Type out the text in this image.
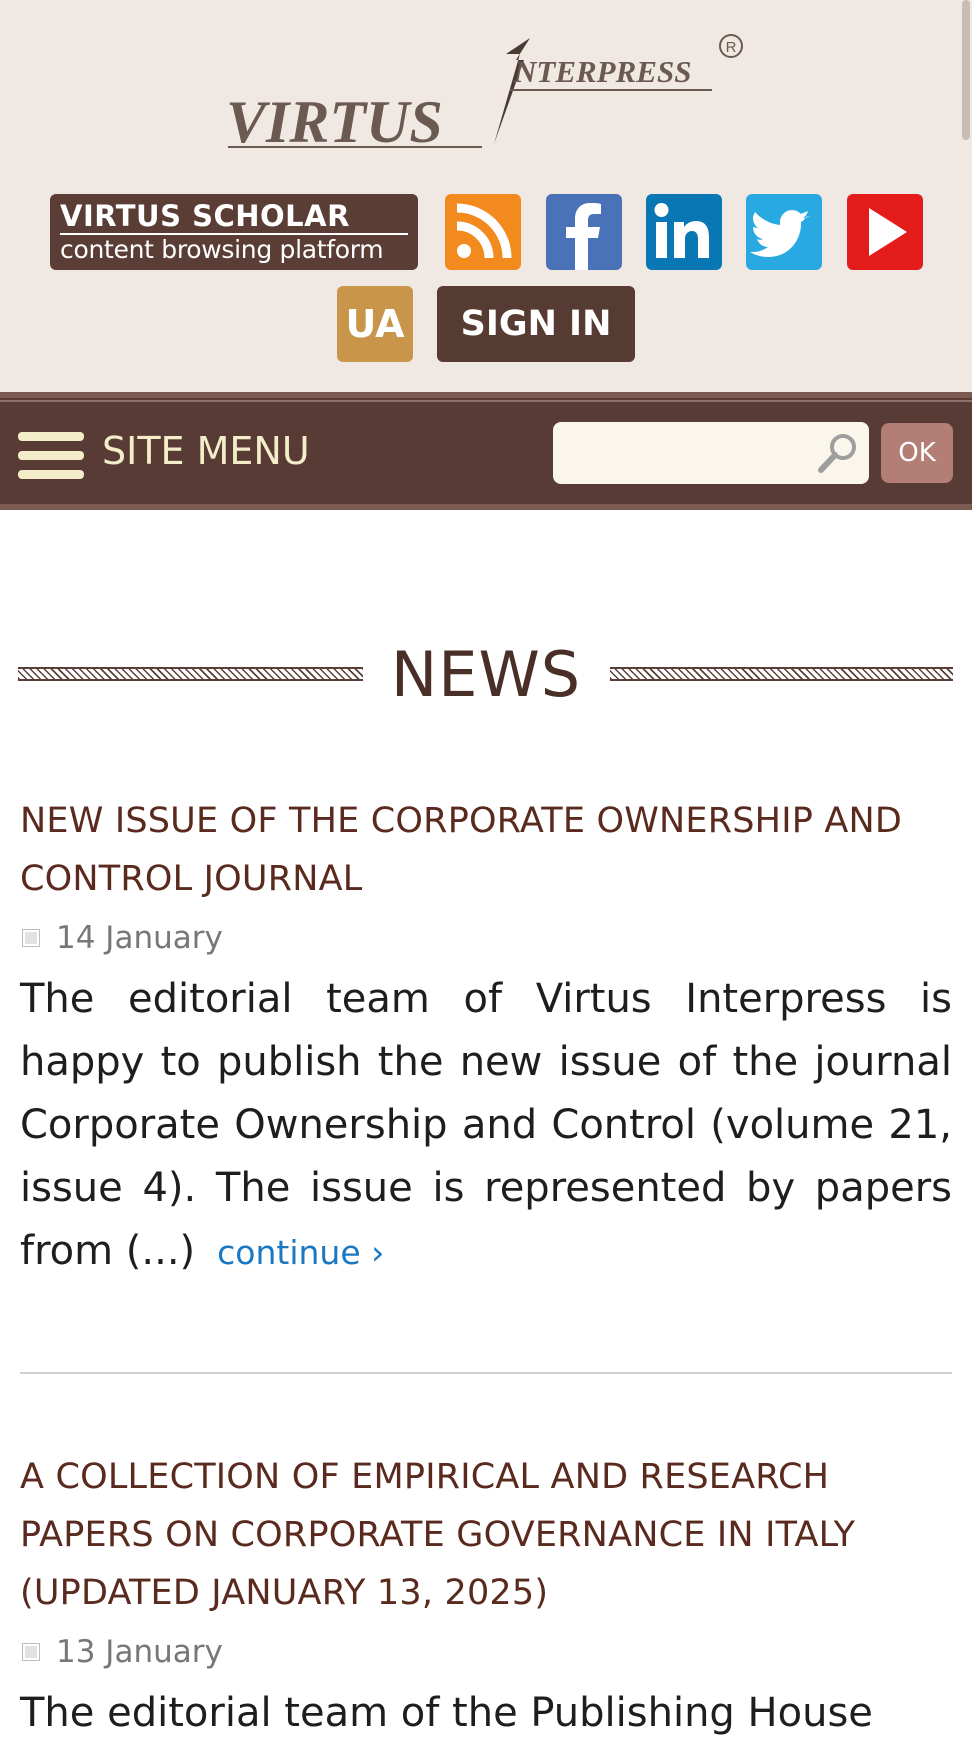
VIRTUS
NTERPRESS
R
VIRTUS SCHOLAR
content browsing platform
UA	SIGN IN
SITE MENU	OK
NEWS
NEW ISSUE OF THE CORPORATE OWNERSHIP AND CONTROL JOURNAL
14 January
The editorial team of Virtus Interpress is happy to publish the new issue of the journal Corporate Ownership and Control (volume 21, issue 4). The issue is represented by papers from (...) continue ›
A COLLECTION OF EMPIRICAL AND RESEARCH PAPERS ON CORPORATE GOVERNANCE IN ITALY (UPDATED JANUARY 13, 2025)
13 January
The editorial team of the Publishing House
